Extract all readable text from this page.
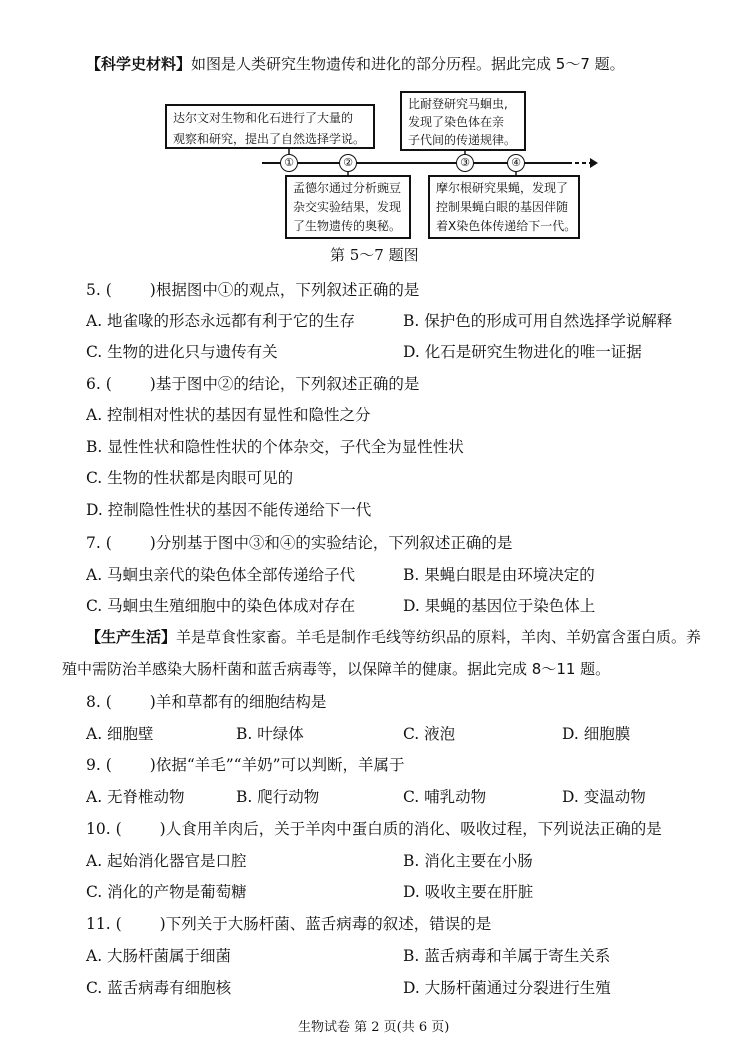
【科学史材料】如图是人类研究生物遗传和进化的部分历程。据此完成 5～7 题。
达尔文对生物和化石进行了大量的
观察和研究，提出了自然选择学说。
比耐登研究马蛔虫,
发现了染色体在亲
子代间的传递规律。
孟德尔通过分析豌豆
杂交实验结果，发现
了生物遗传的奥秘。
摩尔根研究果蝇，发现了
控制果蝇白眼的基因伴随
着X染色体传递给下一代。
①	②	③	④
第 5～7 题图
5. ( )根据图中①的观点，下列叙述正确的是
A. 地雀喙的形态永远都有利于它的生存	B. 保护色的形成可用自然选择学说解释
C. 生物的进化只与遗传有关	D. 化石是研究生物进化的唯一证据
6. ( )基于图中②的结论，下列叙述正确的是
A. 控制相对性状的基因有显性和隐性之分
B. 显性性状和隐性性状的个体杂交，子代全为显性性状
C. 生物的性状都是肉眼可见的
D. 控制隐性性状的基因不能传递给下一代
7. ( )分别基于图中③和④的实验结论，下列叙述正确的是
A. 马蛔虫亲代的染色体全部传递给子代	B. 果蝇白眼是由环境决定的
C. 马蛔虫生殖细胞中的染色体成对存在	D. 果蝇的基因位于染色体上
【生产生活】羊是草食性家畜。羊毛是制作毛线等纺织品的原料，羊肉、羊奶富含蛋白质。养
殖中需防治羊感染大肠杆菌和蓝舌病毒等，以保障羊的健康。据此完成 8～11 题。
8. ( )羊和草都有的细胞结构是
A. 细胞壁	B. 叶绿体	C. 液泡	D. 细胞膜
9. ( )依据“羊毛”“羊奶”可以判断，羊属于
A. 无脊椎动物	B. 爬行动物	C. 哺乳动物	D. 变温动物
10. ( )人食用羊肉后，关于羊肉中蛋白质的消化、吸收过程，下列说法正确的是
A. 起始消化器官是口腔	B. 消化主要在小肠
C. 消化的产物是葡萄糖	D. 吸收主要在肝脏
11. ( )下列关于大肠杆菌、蓝舌病毒的叙述，错误的是
A. 大肠杆菌属于细菌	B. 蓝舌病毒和羊属于寄生关系
C. 蓝舌病毒有细胞核	D. 大肠杆菌通过分裂进行生殖
生物试卷 第 2 页(共 6 页)
